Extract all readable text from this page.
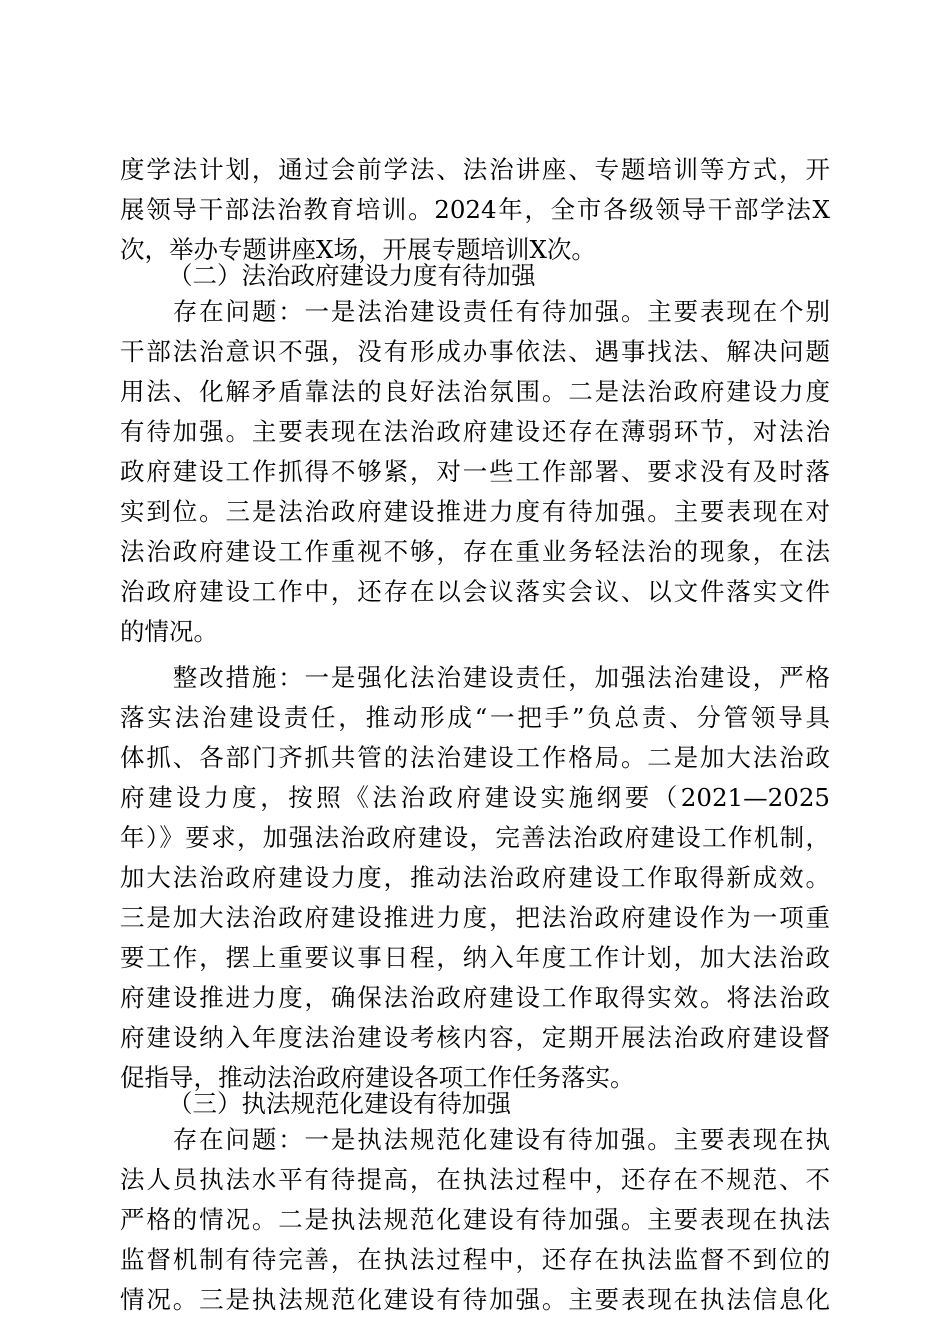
度学法计划，通过会前学法、法治讲座、专题培训等方式，开
展领导干部法治教育培训。2024年，全市各级领导干部学法X
次，举办专题讲座X场，开展专题培训X次。
（二）法治政府建设力度有待加强
　　存在问题：一是法治建设责任有待加强。主要表现在个别
干部法治意识不强，没有形成办事依法、遇事找法、解决问题
用法、化解矛盾靠法的良好法治氛围。二是法治政府建设力度
有待加强。主要表现在法治政府建设还存在薄弱环节，对法治
政府建设工作抓得不够紧，对一些工作部署、要求没有及时落
实到位。三是法治政府建设推进力度有待加强。主要表现在对
法治政府建设工作重视不够，存在重业务轻法治的现象，在法
治政府建设工作中，还存在以会议落实会议、以文件落实文件
的情况。
　　整改措施：一是强化法治建设责任，加强法治建设，严格
落实法治建设责任，推动形成“一把手”负总责、分管领导具
体抓、各部门齐抓共管的法治建设工作格局。二是加大法治政
府建设力度，按照《法治政府建设实施纲要（2021—2025
年）》要求，加强法治政府建设，完善法治政府建设工作机制，
加大法治政府建设力度，推动法治政府建设工作取得新成效。
三是加大法治政府建设推进力度，把法治政府建设作为一项重
要工作，摆上重要议事日程，纳入年度工作计划，加大法治政
府建设推进力度，确保法治政府建设工作取得实效。将法治政
府建设纳入年度法治建设考核内容，定期开展法治政府建设督
促指导，推动法治政府建设各项工作任务落实。
（三）执法规范化建设有待加强
　　存在问题：一是执法规范化建设有待加强。主要表现在执
法人员执法水平有待提高，在执法过程中，还存在不规范、不
严格的情况。二是执法规范化建设有待加强。主要表现在执法
监督机制有待完善，在执法过程中，还存在执法监督不到位的
情况。三是执法规范化建设有待加强。主要表现在执法信息化
